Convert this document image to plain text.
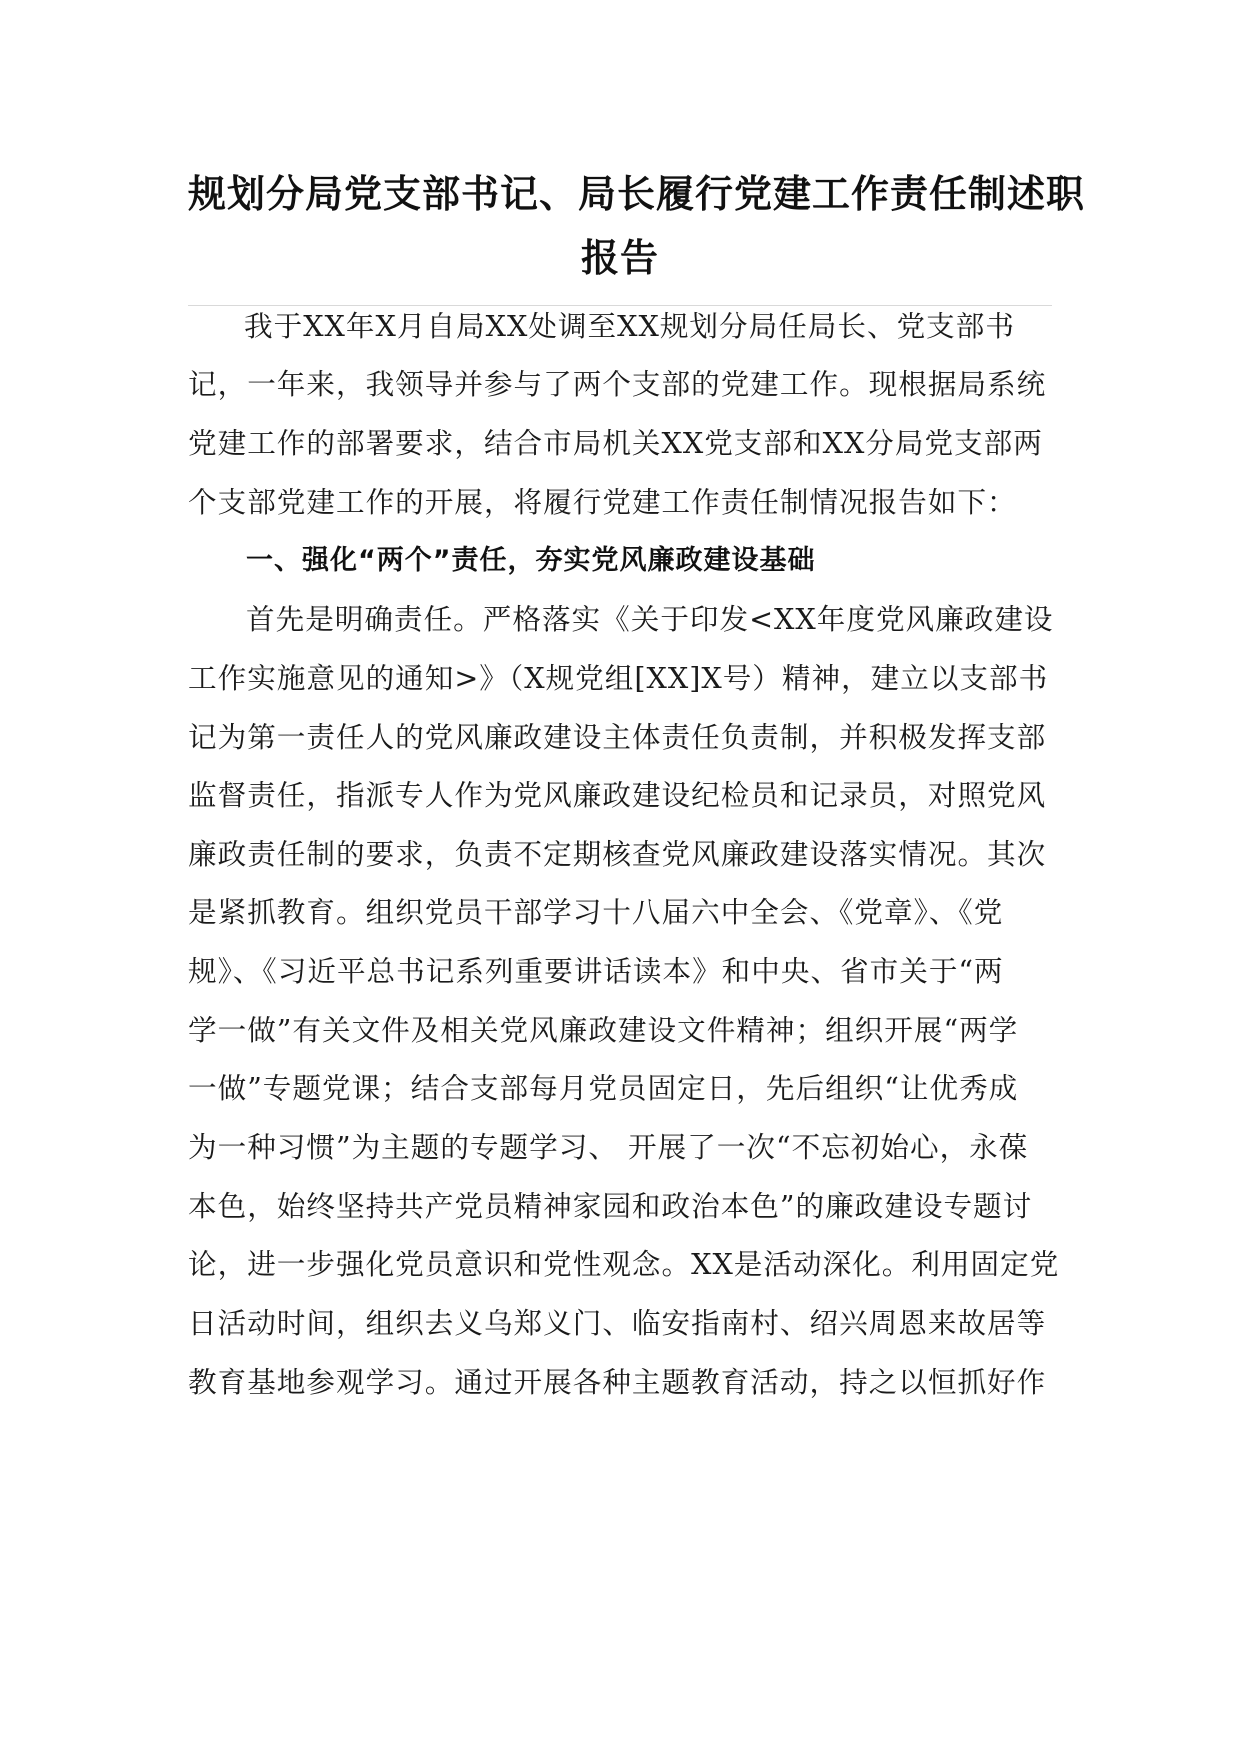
规划分局党支部书记、局长履行党建工作责任制述职
报告
我于XX年X月自局XX处调至XX规划分局任局长、党支部书
记，一年来，我领导并参与了两个支部的党建工作。现根据局系统
党建工作的部署要求，结合市局机关XX党支部和XX分局党支部两
个支部党建工作的开展，将履行党建工作责任制情况报告如下：
一、强化“两个”责任，夯实党风廉政建设基础
首先是明确责任。严格落实《关于印发<XX年度党风廉政建设
工作实施意见的通知>》（X规党组[XX]X号）精神，建立以支部书
记为第一责任人的党风廉政建设主体责任负责制，并积极发挥支部
监督责任，指派专人作为党风廉政建设纪检员和记录员，对照党风
廉政责任制的要求，负责不定期核查党风廉政建设落实情况。其次
是紧抓教育。组织党员干部学习十八届六中全会、《党章》、《党
规》、《习近平总书记系列重要讲话读本》和中央、省市关于“两
学一做”有关文件及相关党风廉政建设文件精神；组织开展“两学
一做”专题党课；结合支部每月党员固定日，先后组织“让优秀成
为一种习惯”为主题的专题学习、 开展了一次“不忘初始心，永葆
本色，始终坚持共产党员精神家园和政治本色”的廉政建设专题讨
论，进一步强化党员意识和党性观念。XX是活动深化。利用固定党
日活动时间，组织去义乌郑义门、临安指南村、绍兴周恩来故居等
教育基地参观学习。通过开展各种主题教育活动，持之以恒抓好作
